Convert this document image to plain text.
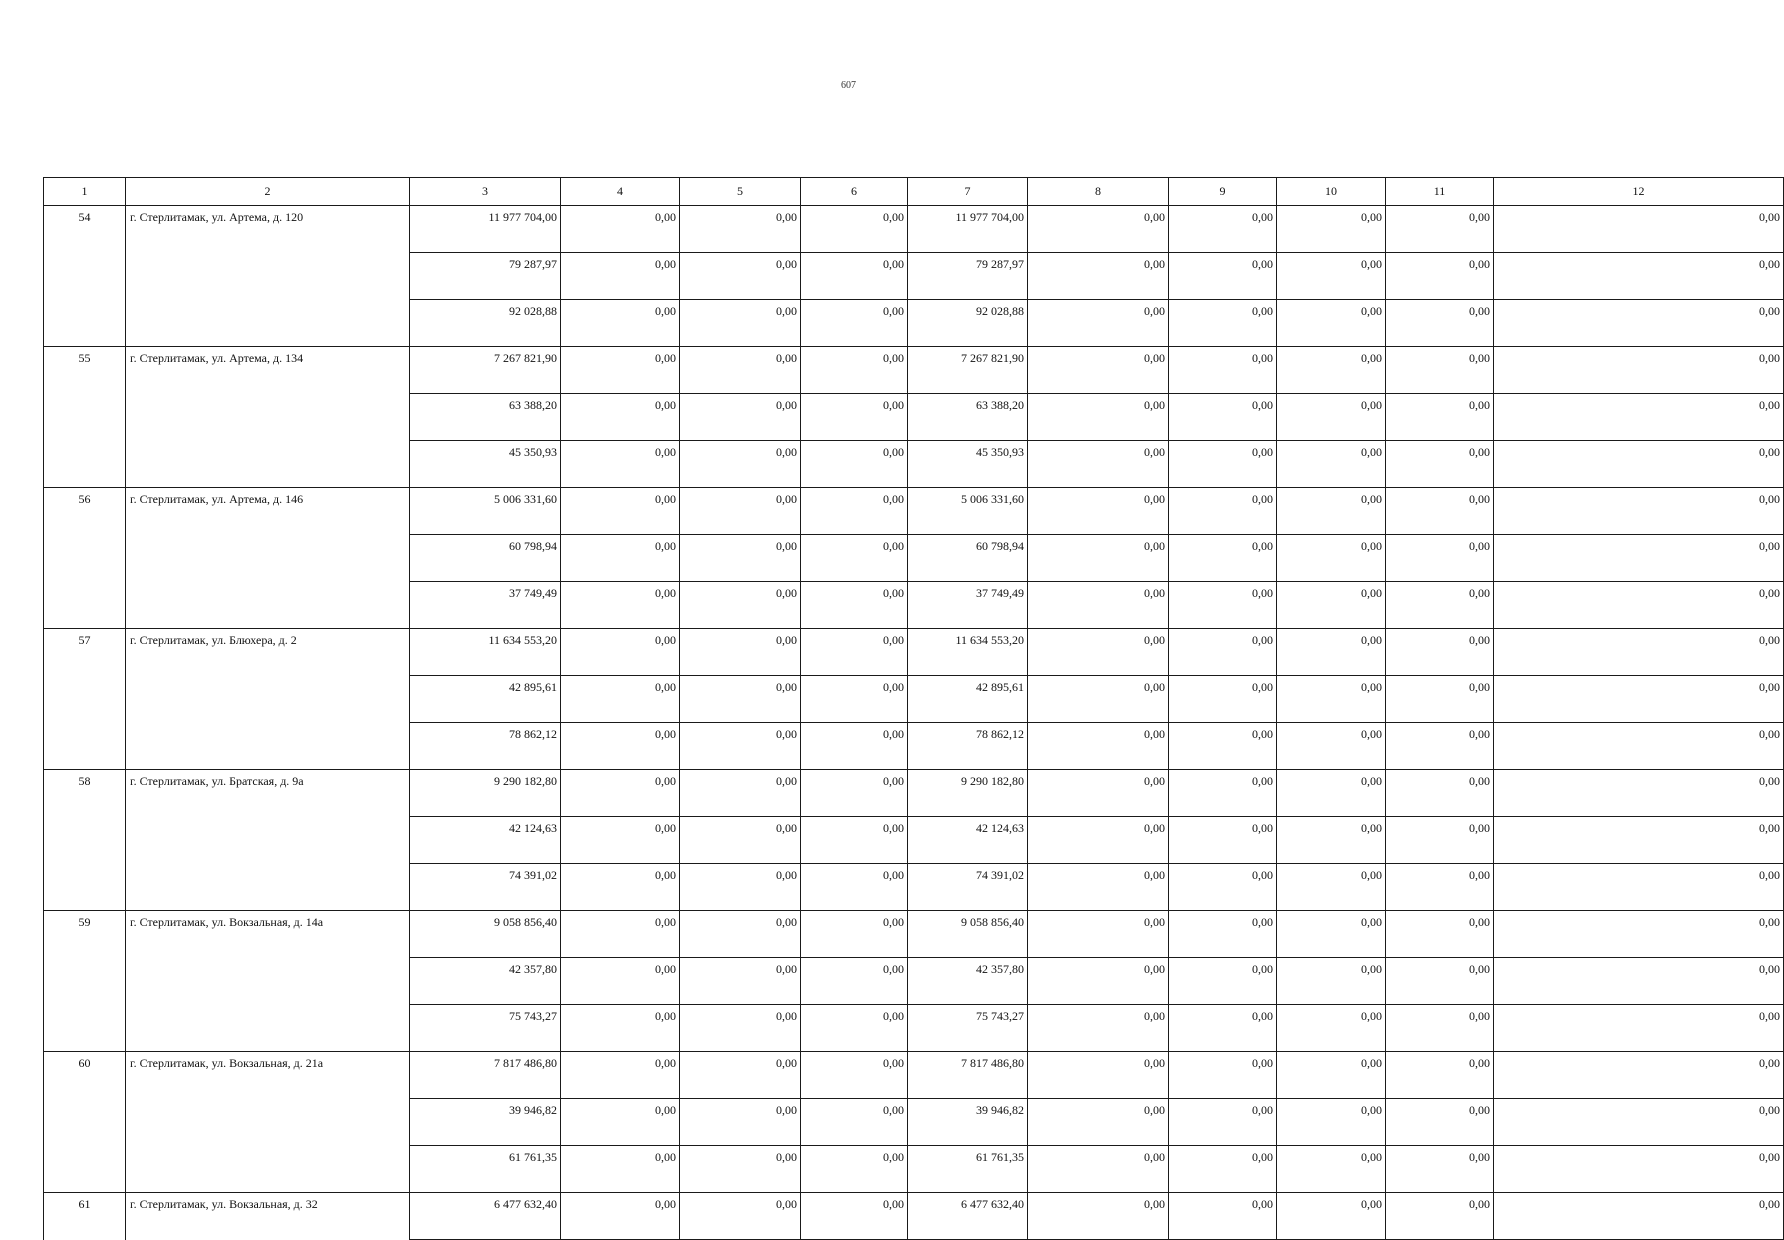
607
1	2	3	4	5	6	7	8	9	10	11	12
54	г. Стерлитамак, ул. Артема, д. 120	11 977 704,00	0,00	0,00	0,00	11 977 704,00	0,00	0,00	0,00	0,00	0,00
		79 287,97	0,00	0,00	0,00	79 287,97	0,00	0,00	0,00	0,00	0,00
		92 028,88	0,00	0,00	0,00	92 028,88	0,00	0,00	0,00	0,00	0,00
55	г. Стерлитамак, ул. Артема, д. 134	7 267 821,90	0,00	0,00	0,00	7 267 821,90	0,00	0,00	0,00	0,00	0,00
		63 388,20	0,00	0,00	0,00	63 388,20	0,00	0,00	0,00	0,00	0,00
		45 350,93	0,00	0,00	0,00	45 350,93	0,00	0,00	0,00	0,00	0,00
56	г. Стерлитамак, ул. Артема, д. 146	5 006 331,60	0,00	0,00	0,00	5 006 331,60	0,00	0,00	0,00	0,00	0,00
		60 798,94	0,00	0,00	0,00	60 798,94	0,00	0,00	0,00	0,00	0,00
		37 749,49	0,00	0,00	0,00	37 749,49	0,00	0,00	0,00	0,00	0,00
57	г. Стерлитамак, ул. Блюхера, д. 2	11 634 553,20	0,00	0,00	0,00	11 634 553,20	0,00	0,00	0,00	0,00	0,00
		42 895,61	0,00	0,00	0,00	42 895,61	0,00	0,00	0,00	0,00	0,00
		78 862,12	0,00	0,00	0,00	78 862,12	0,00	0,00	0,00	0,00	0,00
58	г. Стерлитамак, ул. Братская, д. 9а	9 290 182,80	0,00	0,00	0,00	9 290 182,80	0,00	0,00	0,00	0,00	0,00
		42 124,63	0,00	0,00	0,00	42 124,63	0,00	0,00	0,00	0,00	0,00
		74 391,02	0,00	0,00	0,00	74 391,02	0,00	0,00	0,00	0,00	0,00
59	г. Стерлитамак, ул. Вокзальная, д. 14а	9 058 856,40	0,00	0,00	0,00	9 058 856,40	0,00	0,00	0,00	0,00	0,00
		42 357,80	0,00	0,00	0,00	42 357,80	0,00	0,00	0,00	0,00	0,00
		75 743,27	0,00	0,00	0,00	75 743,27	0,00	0,00	0,00	0,00	0,00
60	г. Стерлитамак, ул. Вокзальная, д. 21а	7 817 486,80	0,00	0,00	0,00	7 817 486,80	0,00	0,00	0,00	0,00	0,00
		39 946,82	0,00	0,00	0,00	39 946,82	0,00	0,00	0,00	0,00	0,00
		61 761,35	0,00	0,00	0,00	61 761,35	0,00	0,00	0,00	0,00	0,00
61	г. Стерлитамак, ул. Вокзальная, д. 32	6 477 632,40	0,00	0,00	0,00	6 477 632,40	0,00	0,00	0,00	0,00	0,00
